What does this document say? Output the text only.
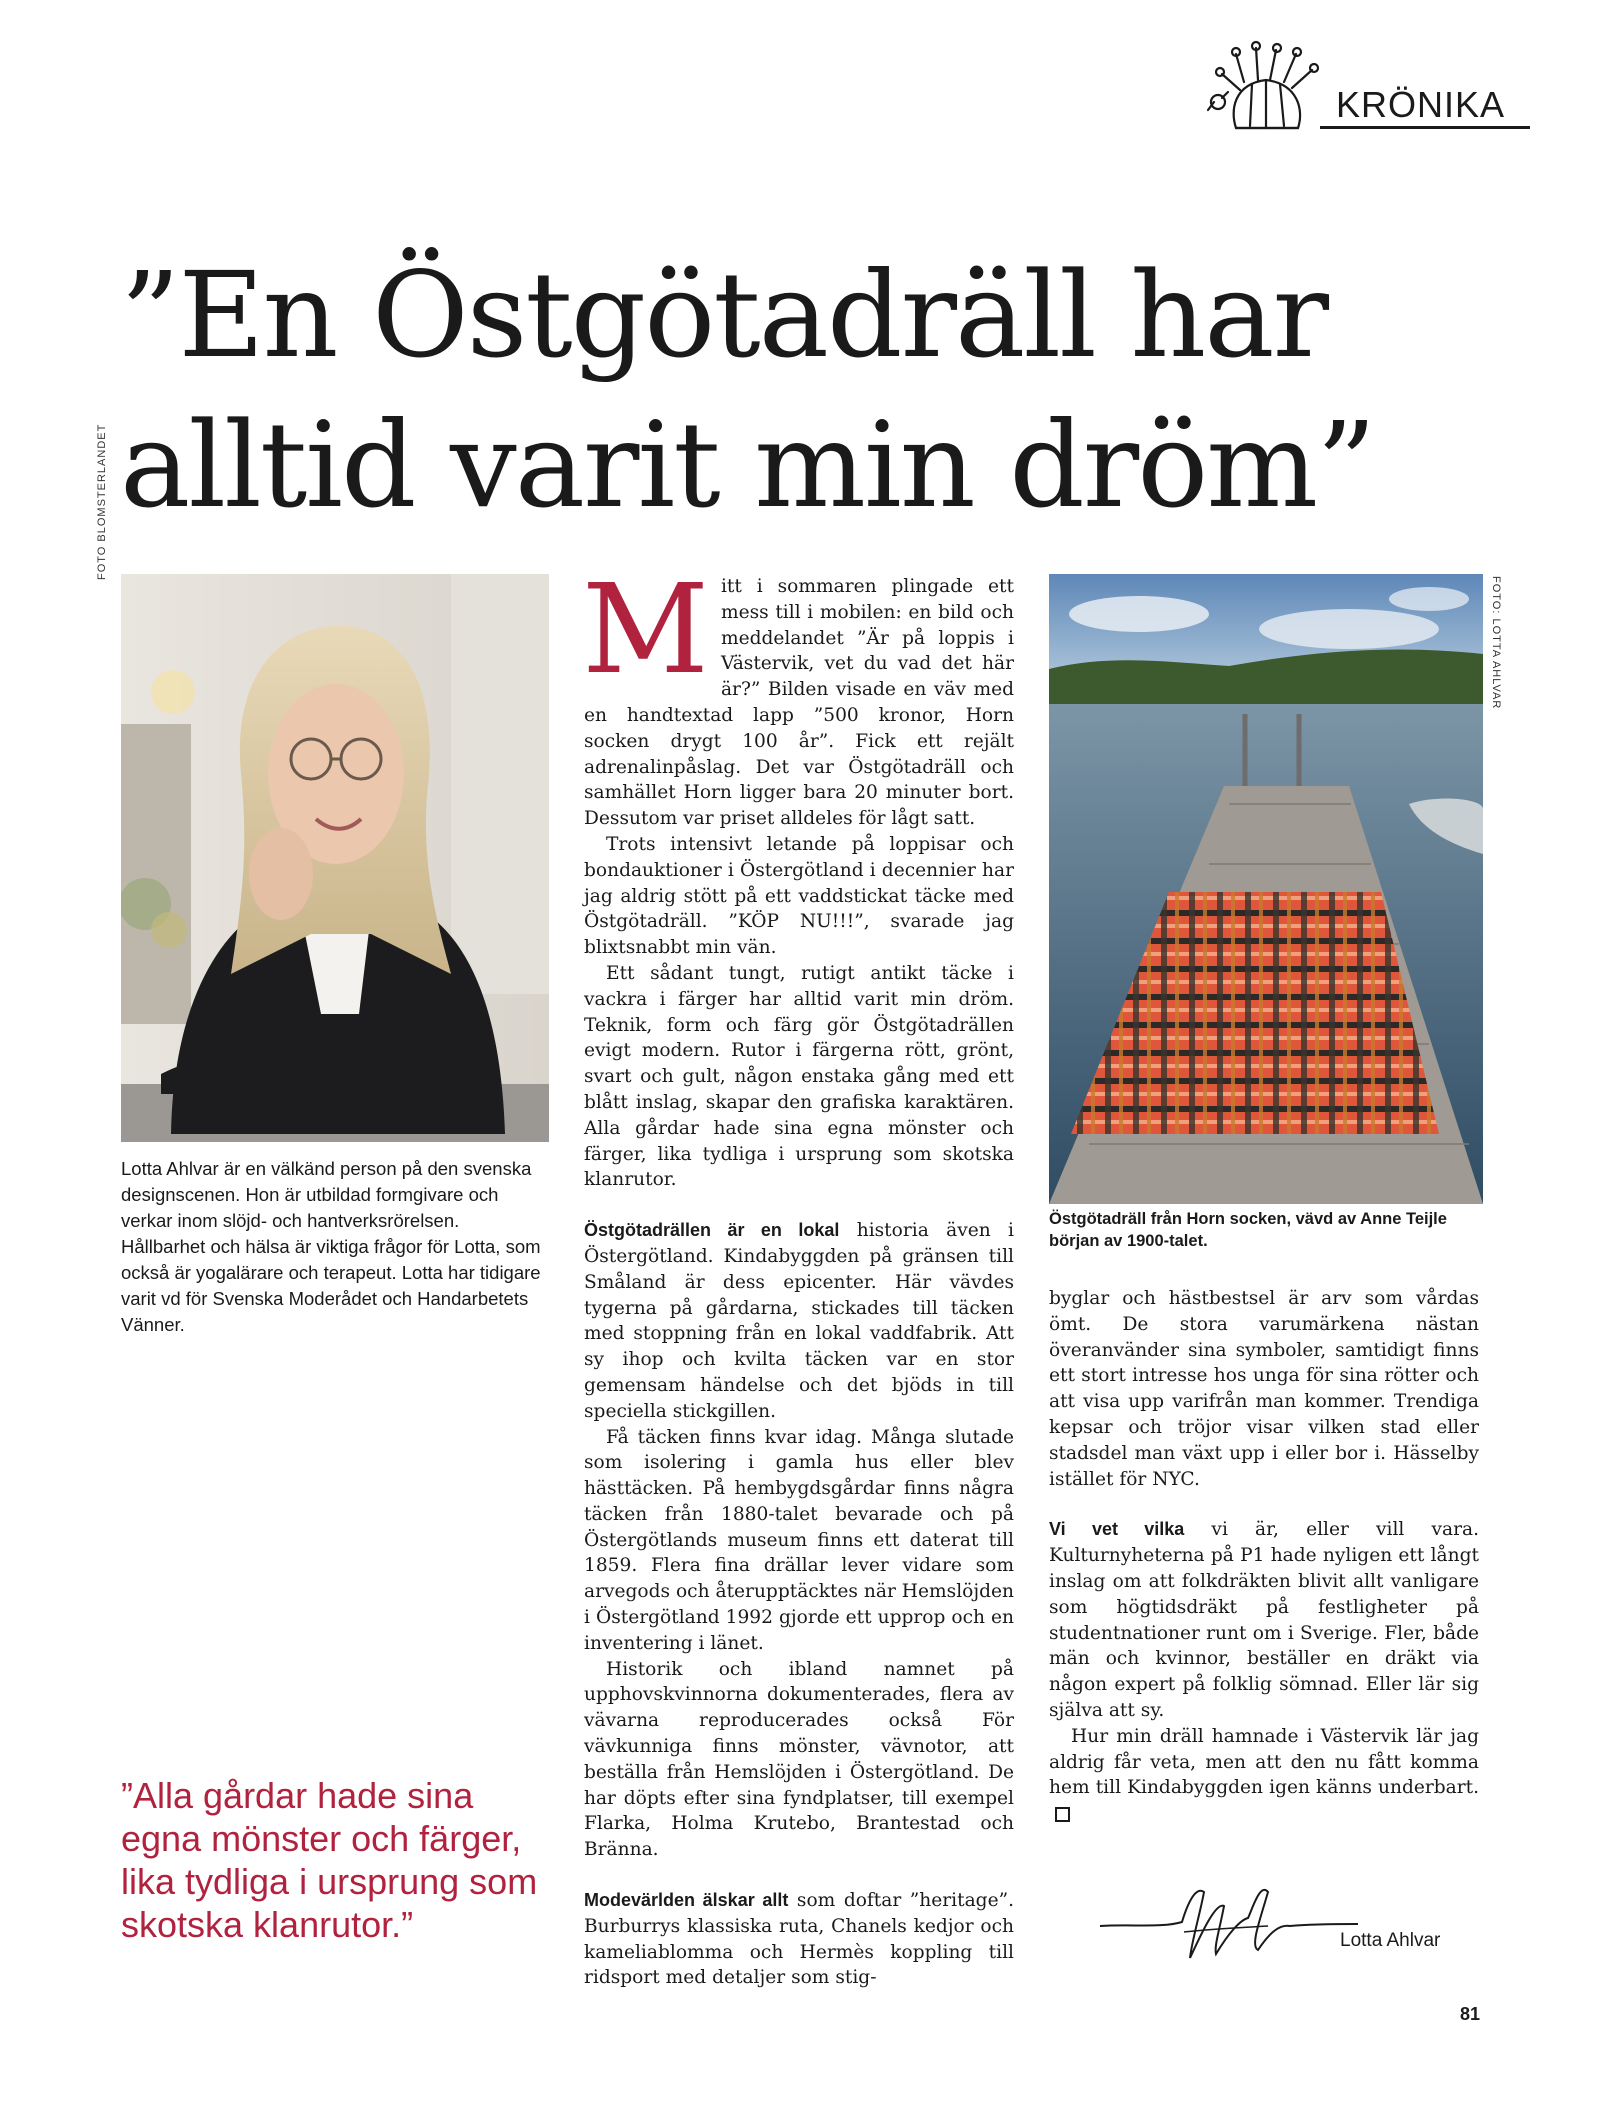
KRÖNIKA
”En Östgötadräll har alltid varit min dröm”
FOTO BLOMSTERLANDET
FOTO: LOTTA AHLVAR
Lotta Ahlvar är en välkänd person på den svenska designscenen. Hon är utbildad formgivare och verkar inom slöjd- och hantverksrörelsen. Hållbarhet och hälsa är viktiga frågor för Lotta, som också är yogalärare och terapeut. Lotta har tidigare varit vd för Svenska Moderådet och Handarbetets Vänner.
”Alla gårdar hade sina egna mönster och färger, lika tydliga i ursprung som skotska klanrutor.”

Mitt i sommaren plingade ett mess till i mobilen: en bild och meddelandet ”Är på loppis i Västervik, vet du vad det här är?” Bilden visade en väv med en handtextad lapp ”500 kronor, Horn socken drygt 100 år”. Fick ett rejält adrenalinpåslag. Det var Östgötadräll och samhället Horn ligger bara 20 minuter bort. Dessutom var priset alldeles för lågt satt.

Trots intensivt letande på loppisar och bondauktioner i Östergötland i decennier har jag aldrig stött på ett vaddstickat täcke med Östgötadräll. ”KÖP NU!!!”, svarade jag blixtsnabbt min vän.

Ett sådant tungt, rutigt antikt täcke i vackra i färger har alltid varit min dröm. Teknik, form och färg gör Östgötadrällen evigt modern. Rutor i färgerna rött, grönt, svart och gult, någon enstaka gång med ett blått inslag, skapar den grafiska karaktären. Alla gårdar hade sina egna mönster och färger, lika tydliga i ursprung som skotska klanrutor.

Östgötadrällen är en lokal historia även i Östergötland. Kindabyggden på gränsen till Småland är dess epicenter. Här vävdes tygerna på gårdarna, stickades till täcken med stoppning från en lokal vaddfabrik. Att sy ihop och kvilta täcken var en stor gemensam händelse och det bjöds in till speciella stickgillen.

Få täcken finns kvar idag. Många slutade som isolering i gamla hus eller blev hästtäcken. På hembygdsgårdar finns några täcken från 1880-talet bevarade och på Östergötlands museum finns ett daterat till 1859. Flera fina drällar lever vidare som arvegods och återupptäcktes när Hemslöjden i Östergötland 1992 gjorde ett upprop och en inventering i länet.

Historik och ibland namnet på upphovskvinnorna dokumenterades, flera av vävarna reproducerades också För vävkunniga finns mönster, vävnotor, att beställa från Hemslöjden i Östergötland. De har döpts efter sina fyndplatser, till exempel Flarka, Holma Krutebo, Brantestad och Bränna.

Modevärlden älskar allt som doftar ”heritage”. Burburrys klassiska ruta, Chanels kedjor och kameliablomma och Hermès koppling till ridsport med detaljer som stig-

Östgötadräll från Horn socken, vävd av Anne Teijle början av 1900-talet.

byglar och hästbestsel är arv som vårdas ömt. De stora varumärkena nästan överanvänder sina symboler, samtidigt finns ett stort intresse hos unga för sina rötter och att visa upp varifrån man kommer. Trendiga kepsar och tröjor visar vilken stad eller stadsdel man växt upp i eller bor i. Hässelby istället för NYC.

Vi vet vilka vi är, eller vill vara. Kulturnyheterna på P1 hade nyligen ett långt inslag om att folkdräkten blivit allt vanligare som högtidsdräkt på festligheter på studentnationer runt om i Sverige. Fler, både män och kvinnor, beställer en dräkt via någon expert på folklig sömnad. Eller lär sig själva att sy.

Hur min dräll hamnade i Västervik lär jag aldrig får veta, men att den nu fått komma hem till Kindabyggden igen känns underbart.

Lotta Ahlvar
81
